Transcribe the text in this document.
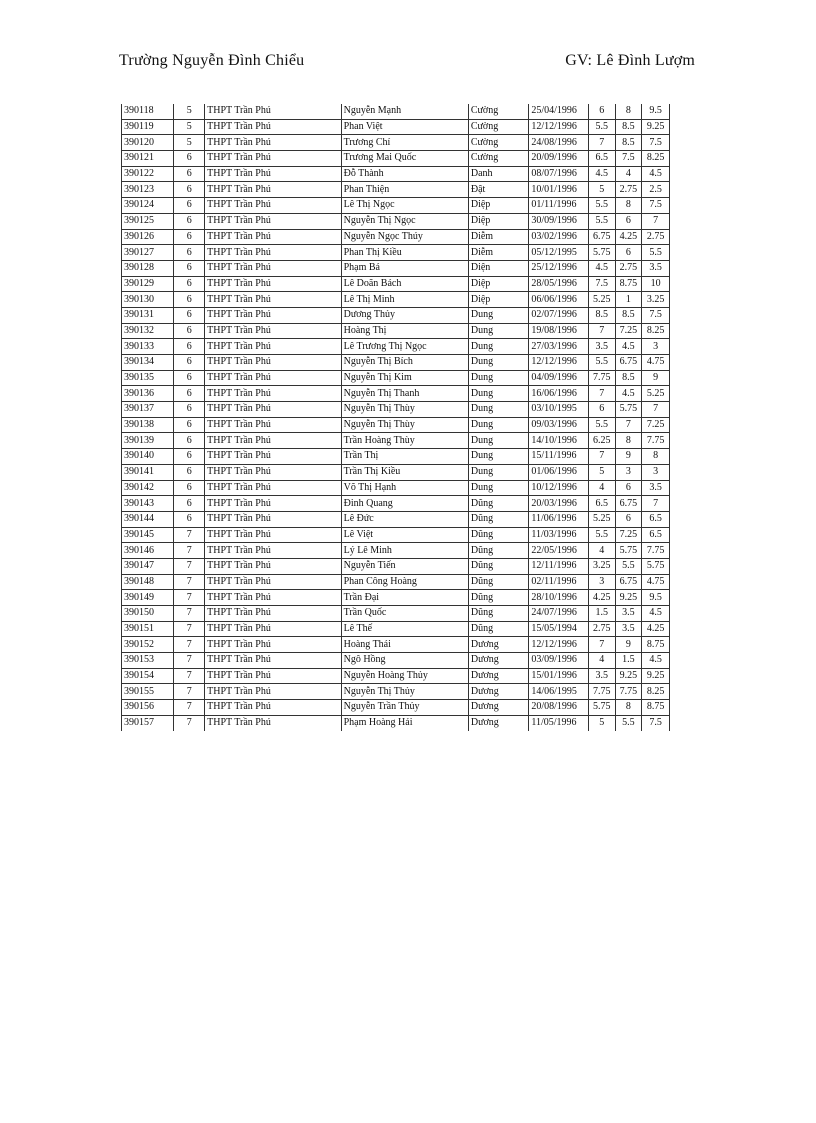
Trường Nguyễn Đình Chiểu	GV: Lê Đình Lượm
390118	5	THPT Trần Phú	Nguyễn Mạnh	Cường	25/04/1996	6	8	9.5
390119	5	THPT Trần Phú	Phan Việt	Cường	12/12/1996	5.5	8.5	9.25
390120	5	THPT Trần Phú	Trương Chí	Cường	24/08/1996	7	8.5	7.5
390121	6	THPT Trần Phú	Trương Mai Quốc	Cường	20/09/1996	6.5	7.5	8.25
390122	6	THPT Trần Phú	Đỗ Thành	Danh	08/07/1996	4.5	4	4.5
390123	6	THPT Trần Phú	Phan Thiện	Đật	10/01/1996	5	2.75	2.5
390124	6	THPT Trần Phú	Lê Thị Ngọc	Diệp	01/11/1996	5.5	8	7.5
390125	6	THPT Trần Phú	Nguyễn Thị Ngọc	Diệp	30/09/1996	5.5	6	7
390126	6	THPT Trần Phú	Nguyễn Ngọc Thúy	Diễm	03/02/1996	6.75	4.25	2.75
390127	6	THPT Trần Phú	Phan Thị Kiều	Diễm	05/12/1995	5.75	6	5.5
390128	6	THPT Trần Phú	Phạm Bá	Diện	25/12/1996	4.5	2.75	3.5
390129	6	THPT Trần Phú	Lê Doãn Bách	Diệp	28/05/1996	7.5	8.75	10
390130	6	THPT Trần Phú	Lê Thị Minh	Diệp	06/06/1996	5.25	1	3.25
390131	6	THPT Trần Phú	Dương Thủy	Dung	02/07/1996	8.5	8.5	7.5
390132	6	THPT Trần Phú	Hoàng Thị	Dung	19/08/1996	7	7.25	8.25
390133	6	THPT Trần Phú	Lê Trương Thị Ngọc	Dung	27/03/1996	3.5	4.5	3
390134	6	THPT Trần Phú	Nguyễn Thị Bích	Dung	12/12/1996	5.5	6.75	4.75
390135	6	THPT Trần Phú	Nguyễn Thị Kim	Dung	04/09/1996	7.75	8.5	9
390136	6	THPT Trần Phú	Nguyễn Thị Thanh	Dung	16/06/1996	7	4.5	5.25
390137	6	THPT Trần Phú	Nguyễn Thị Thùy	Dung	03/10/1995	6	5.75	7
390138	6	THPT Trần Phú	Nguyễn Thị Thùy	Dung	09/03/1996	5.5	7	7.25
390139	6	THPT Trần Phú	Trần Hoàng Thùy	Dung	14/10/1996	6.25	8	7.75
390140	6	THPT Trần Phú	Trần Thị	Dung	15/11/1996	7	9	8
390141	6	THPT Trần Phú	Trần Thị Kiều	Dung	01/06/1996	5	3	3
390142	6	THPT Trần Phú	Võ Thị Hạnh	Dung	10/12/1996	4	6	3.5
390143	6	THPT Trần Phú	Đinh Quang	Dũng	20/03/1996	6.5	6.75	7
390144	6	THPT Trần Phú	Lê Đức	Dũng	11/06/1996	5.25	6	6.5
390145	7	THPT Trần Phú	Lê Việt	Dũng	11/03/1996	5.5	7.25	6.5
390146	7	THPT Trần Phú	Lý Lê Minh	Dũng	22/05/1996	4	5.75	7.75
390147	7	THPT Trần Phú	Nguyễn Tiến	Dũng	12/11/1996	3.25	5.5	5.75
390148	7	THPT Trần Phú	Phan Công Hoàng	Dũng	02/11/1996	3	6.75	4.75
390149	7	THPT Trần Phú	Trần Đại	Dũng	28/10/1996	4.25	9.25	9.5
390150	7	THPT Trần Phú	Trần Quốc	Dũng	24/07/1996	1.5	3.5	4.5
390151	7	THPT Trần Phú	Lê Thế	Dũng	15/05/1994	2.75	3.5	4.25
390152	7	THPT Trần Phú	Hoàng Thái	Dương	12/12/1996	7	9	8.75
390153	7	THPT Trần Phú	Ngô Hồng	Dương	03/09/1996	4	1.5	4.5
390154	7	THPT Trần Phú	Nguyễn Hoàng Thủy	Dương	15/01/1996	3.5	9.25	9.25
390155	7	THPT Trần Phú	Nguyễn Thị Thủy	Dương	14/06/1995	7.75	7.75	8.25
390156	7	THPT Trần Phú	Nguyễn Trần Thủy	Dương	20/08/1996	5.75	8	8.75
390157	7	THPT Trần Phú	Phạm Hoàng Hải	Dương	11/05/1996	5	5.5	7.5
